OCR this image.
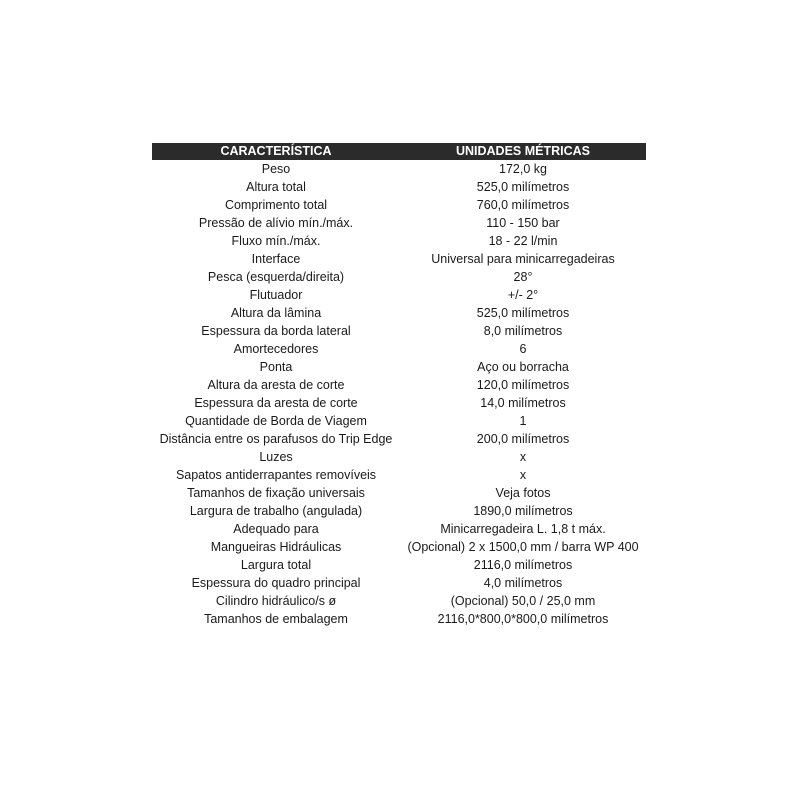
CARACTERÍSTICA	UNIDADES MÉTRICAS
Peso	172,0 kg
Altura total	525,0 milímetros
Comprimento total	760,0 milímetros
Pressão de alívio mín./máx.	110 - 150 bar
Fluxo mín./máx.	18 - 22 l/min
Interface	Universal para minicarregadeiras
Pesca (esquerda/direita)	28°
Flutuador	+/- 2°
Altura da lâmina	525,0 milímetros
Espessura da borda lateral	8,0 milímetros
Amortecedores	6
Ponta	Aço ou borracha
Altura da aresta de corte	120,0 milímetros
Espessura da aresta de corte	14,0 milímetros
Quantidade de Borda de Viagem	1
Distância entre os parafusos do Trip Edge	200,0 milímetros
Luzes	x
Sapatos antiderrapantes removíveis	x
Tamanhos de fixação universais	Veja fotos
Largura de trabalho (angulada)	1890,0 milímetros
Adequado para	Minicarregadeira L. 1,8 t máx.
Mangueiras Hidráulicas	(Opcional) 2 x 1500,0 mm / barra WP 400
Largura total	2116,0 milímetros
Espessura do quadro principal	4,0 milímetros
Cilindro hidráulico/s ø	(Opcional) 50,0 / 25,0 mm
Tamanhos de embalagem	2116,0*800,0*800,0 milímetros
